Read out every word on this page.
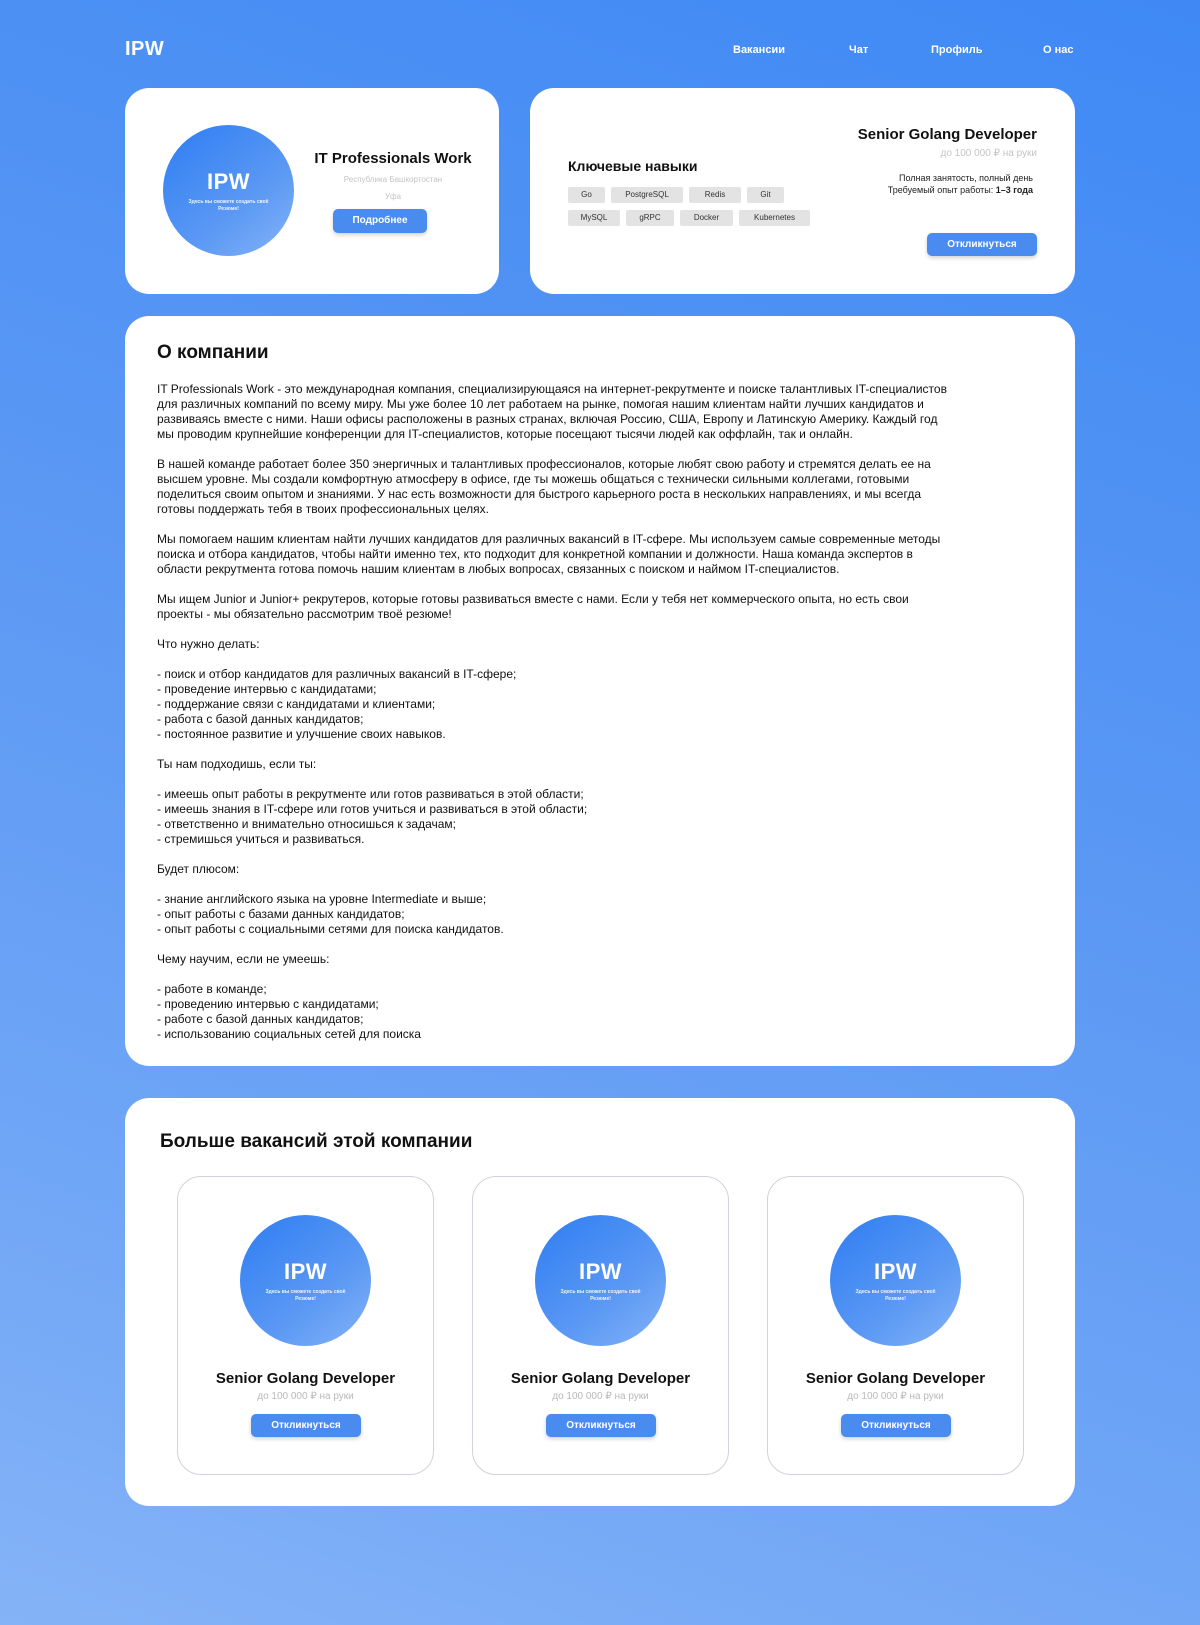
IPW	Вакансии	Чат	Профиль	О нас
IPW
Здесь вы сможете создать своё Резюме!
IT Professionals Work
Республика Башкортостан
Уфа
Подробнее
Senior Golang Developer
до 100 000 ₽ на руки
Ключевые навыки
Полная занятость, полный день
Требуемый опыт работы: 1–3 года
Go	PostgreSQL	Redis	Git
MySQL	gRPC	Docker	Kubernetes
Откликнуться
О компании

IT Professionals Work - это международная компания, специализирующаяся на интернет-рекрутменте и поиске талантливых IT-специалистов

для различных компаний по всему миру. Мы уже более 10 лет работаем на рынке, помогая нашим клиентам найти лучших кандидатов и

развиваясь вместе с ними. Наши офисы расположены в разных странах, включая Россию, США, Европу и Латинскую Америку. Каждый год

мы проводим крупнейшие конференции для IT-специалистов, которые посещают тысячи людей как оффлайн, так и онлайн.

В нашей команде работает более 350 энергичных и талантливых профессионалов, которые любят свою работу и стремятся делать ее на

высшем уровне. Мы создали комфортную атмосферу в офисе, где ты можешь общаться с технически сильными коллегами, готовыми

поделиться своим опытом и знаниями. У нас есть возможности для быстрого карьерного роста в нескольких направлениях, и мы всегда

готовы поддержать тебя в твоих профессиональных целях.

Мы помогаем нашим клиентам найти лучших кандидатов для различных вакансий в IT-сфере. Мы используем самые современные методы

поиска и отбора кандидатов, чтобы найти именно тех, кто подходит для конкретной компании и должности. Наша команда экспертов в

области рекрутмента готова помочь нашим клиентам в любых вопросах, связанных с поиском и наймом IT-специалистов.

Мы ищем Junior и Junior+ рекрутеров, которые готовы развиваться вместе с нами. Если у тебя нет коммерческого опыта, но есть свои

проекты - мы обязательно рассмотрим твоё резюме!

Что нужно делать:

- поиск и отбор кандидатов для различных вакансий в IT-сфере;

- проведение интервью с кандидатами;

- поддержание связи с кандидатами и клиентами;

- работа с базой данных кандидатов;

- постоянное развитие и улучшение своих навыков.

Ты нам подходишь, если ты:

- имеешь опыт работы в рекрутменте или готов развиваться в этой области;

- имеешь знания в IT-сфере или готов учиться и развиваться в этой области;

- ответственно и внимательно относишься к задачам;

- стремишься учиться и развиваться.

Будет плюсом:

- знание английского языка на уровне Intermediate и выше;

- опыт работы с базами данных кандидатов;

- опыт работы с социальными сетями для поиска кандидатов.

Чему научим, если не умеешь:

- работе в команде;

- проведению интервью с кандидатами;

- работе с базой данных кандидатов;

- использованию социальных сетей для поиска

Больше вакансий этой компании
IPW
Здесь вы сможете создать своё Резюме!
Senior Golang Developer
до 100 000 ₽ на руки
Откликнуться
IPW
Здесь вы сможете создать своё Резюме!
Senior Golang Developer
до 100 000 ₽ на руки
Откликнуться
IPW
Здесь вы сможете создать своё Резюме!
Senior Golang Developer
до 100 000 ₽ на руки
Откликнуться
